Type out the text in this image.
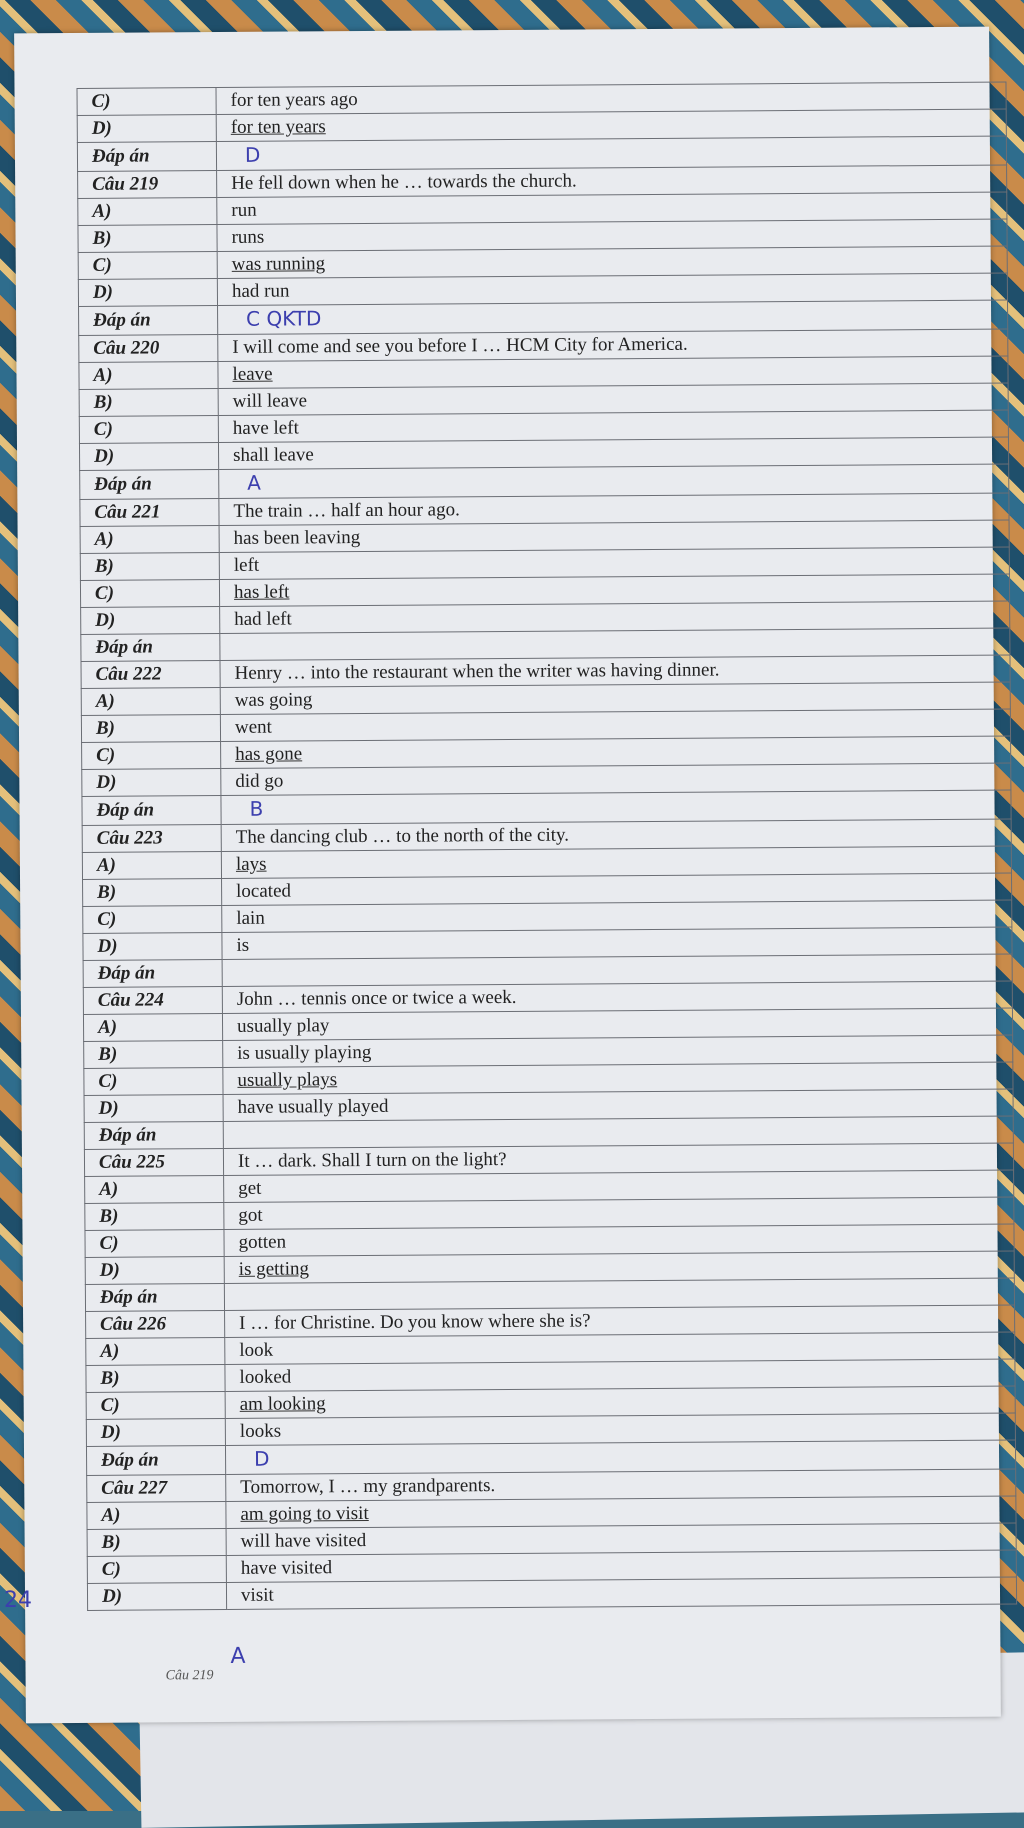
C)	for ten years ago
D)	for ten years
Đáp án	D
Câu 219	He fell down when he … towards the church.
A)	run
B)	runs
C)	was running
D)	had run
Đáp án	C QKTD
Câu 220	I will come and see you before I … HCM City for America.
A)	leave
B)	will leave
C)	have left
D)	shall leave
Đáp án	A
Câu 221	The train … half an hour ago.
A)	has been leaving
B)	left
C)	has left
D)	had left
Đáp án	
Câu 222	Henry … into the restaurant when the writer was having dinner.
A)	was going
B)	went
C)	has gone
D)	did go
Đáp án	B
Câu 223	The dancing club … to the north of the city.
A)	lays
B)	located
C)	lain
D)	is
Đáp án	
Câu 224	John … tennis once or twice a week.
A)	usually play
B)	is usually playing
C)	usually plays
D)	have usually played
Đáp án	
Câu 225	It … dark. Shall I turn on the light?
A)	get
B)	got
C)	gotten
D)	is getting
Đáp án	
Câu 226	I … for Christine. Do you know where she is?
A)	look
B)	looked
C)	am looking
D)	looks
Đáp án	D
Câu 227	Tomorrow, I … my grandparents.
A)	am going to visit
B)	will have visited
C)	have visited
D)	visit
A
Câu 219
24
